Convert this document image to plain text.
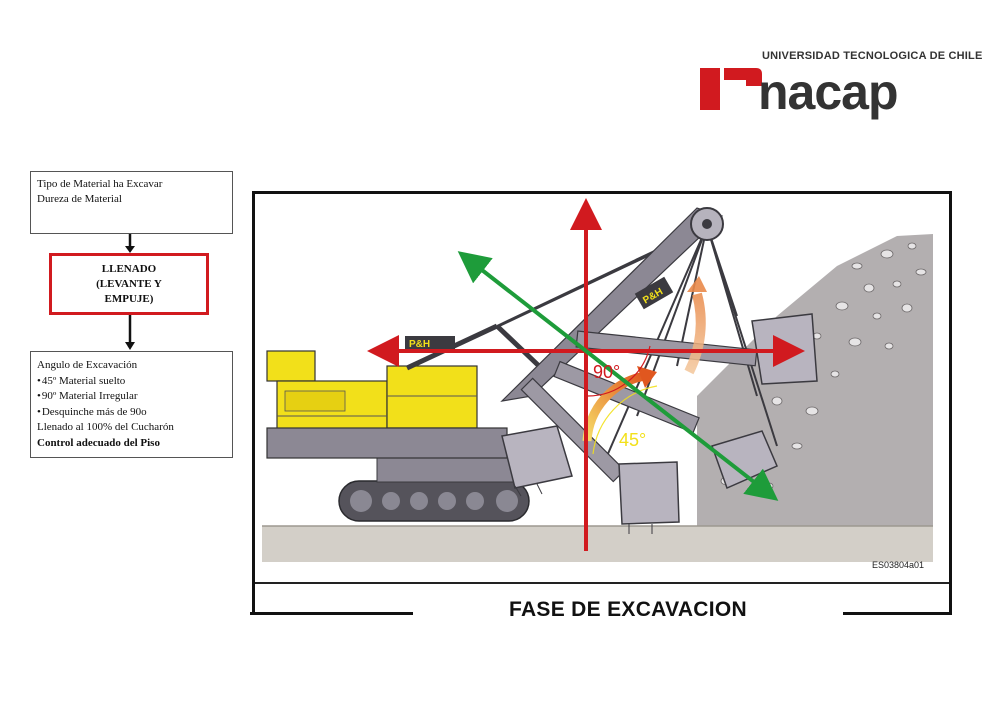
UNIVERSIDAD TECNOLOGICA DE CHILE
nacap
Tipo de Material ha Excavar
Dureza de Material
LLENADO
(LEVANTE Y
EMPUJE)
Angulo de Excavación
• 45º Material suelto
• 90º Material Irregular
• Desquinche más de 90o
Llenado al 100% del Cucharón
Control adecuado del Piso
P&H
P&H
90°
45°
ES03804a01
FASE DE EXCAVACION
